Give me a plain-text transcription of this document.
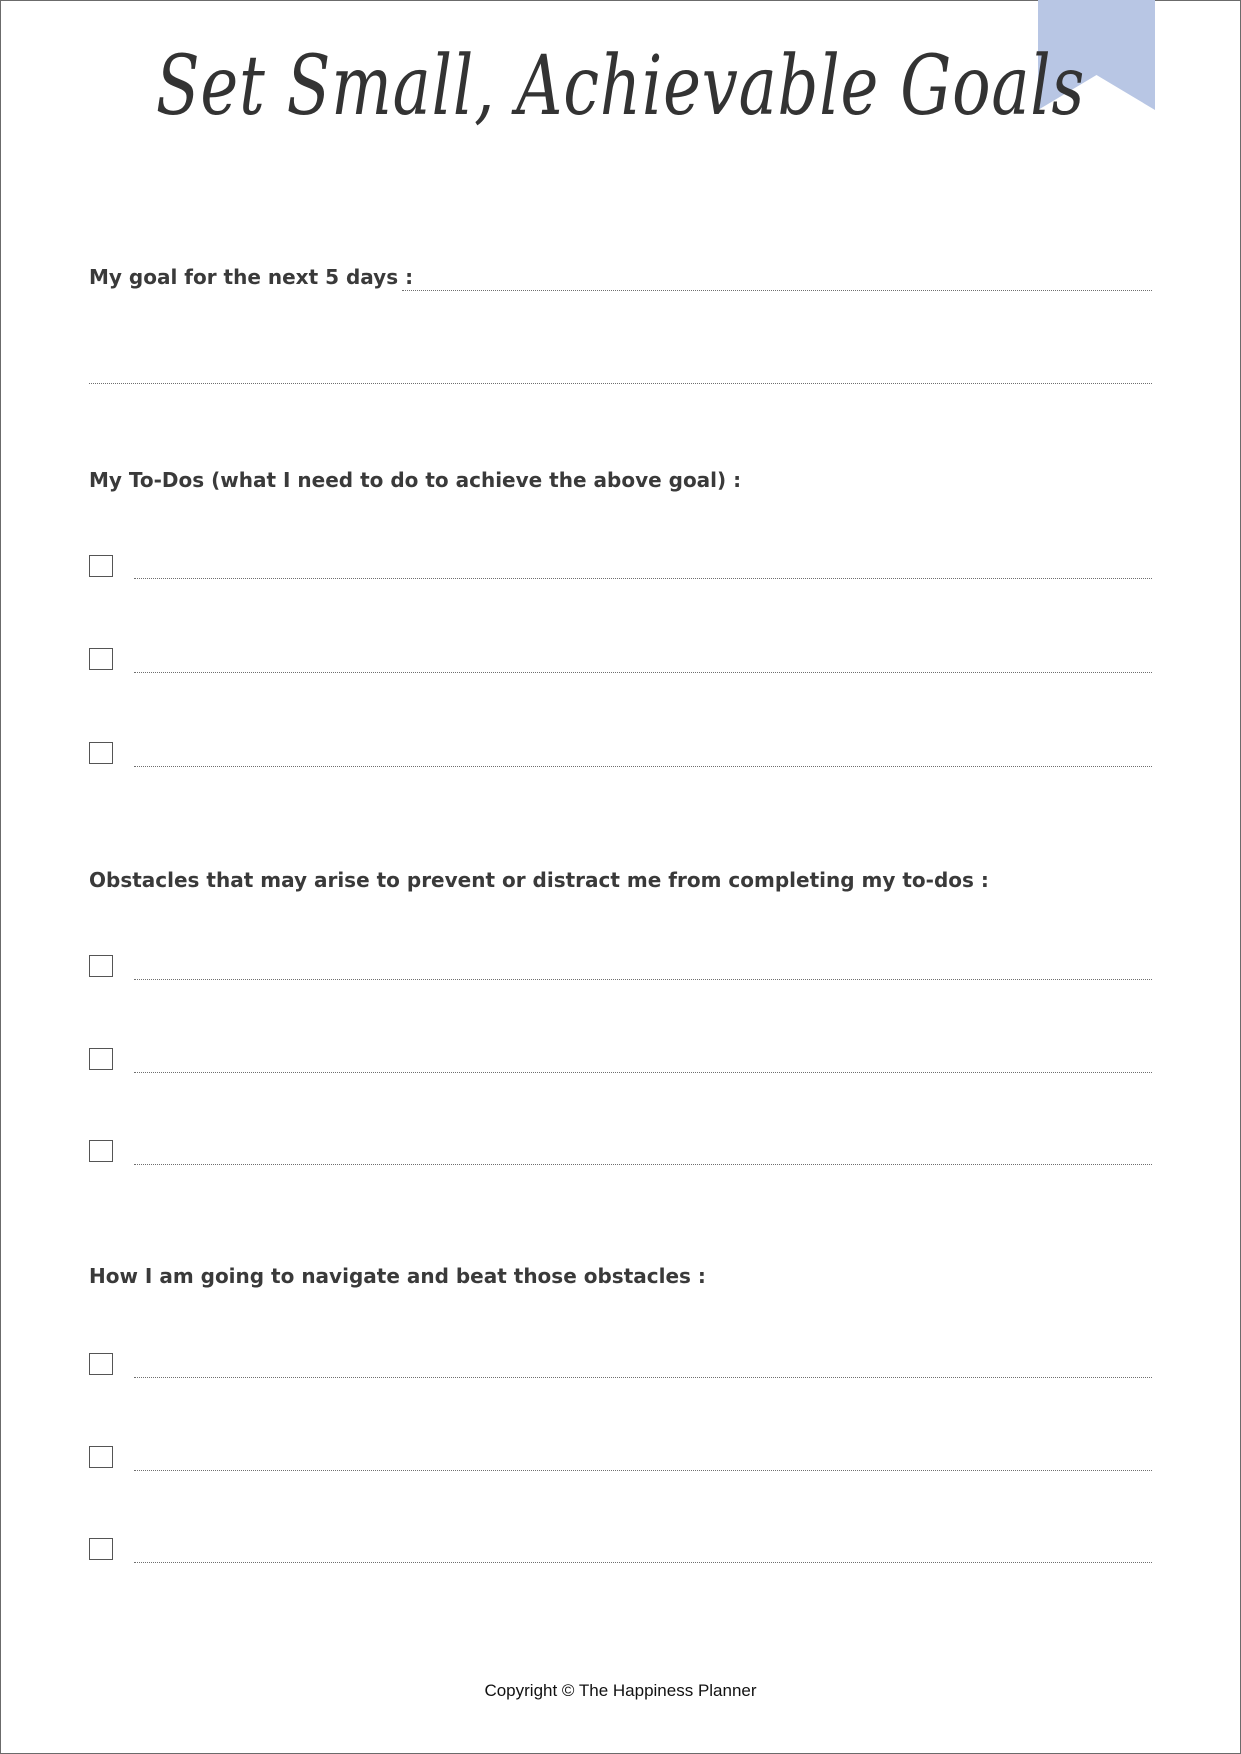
Set Small, Achievable Goals

My goal for the next 5 days :

My To-Dos (what I need to do to achieve the above goal) :

Obstacles that may arise to prevent or distract me from completing my to-dos :

How I am going to navigate and beat those obstacles :

Copyright © The Happiness Planner
